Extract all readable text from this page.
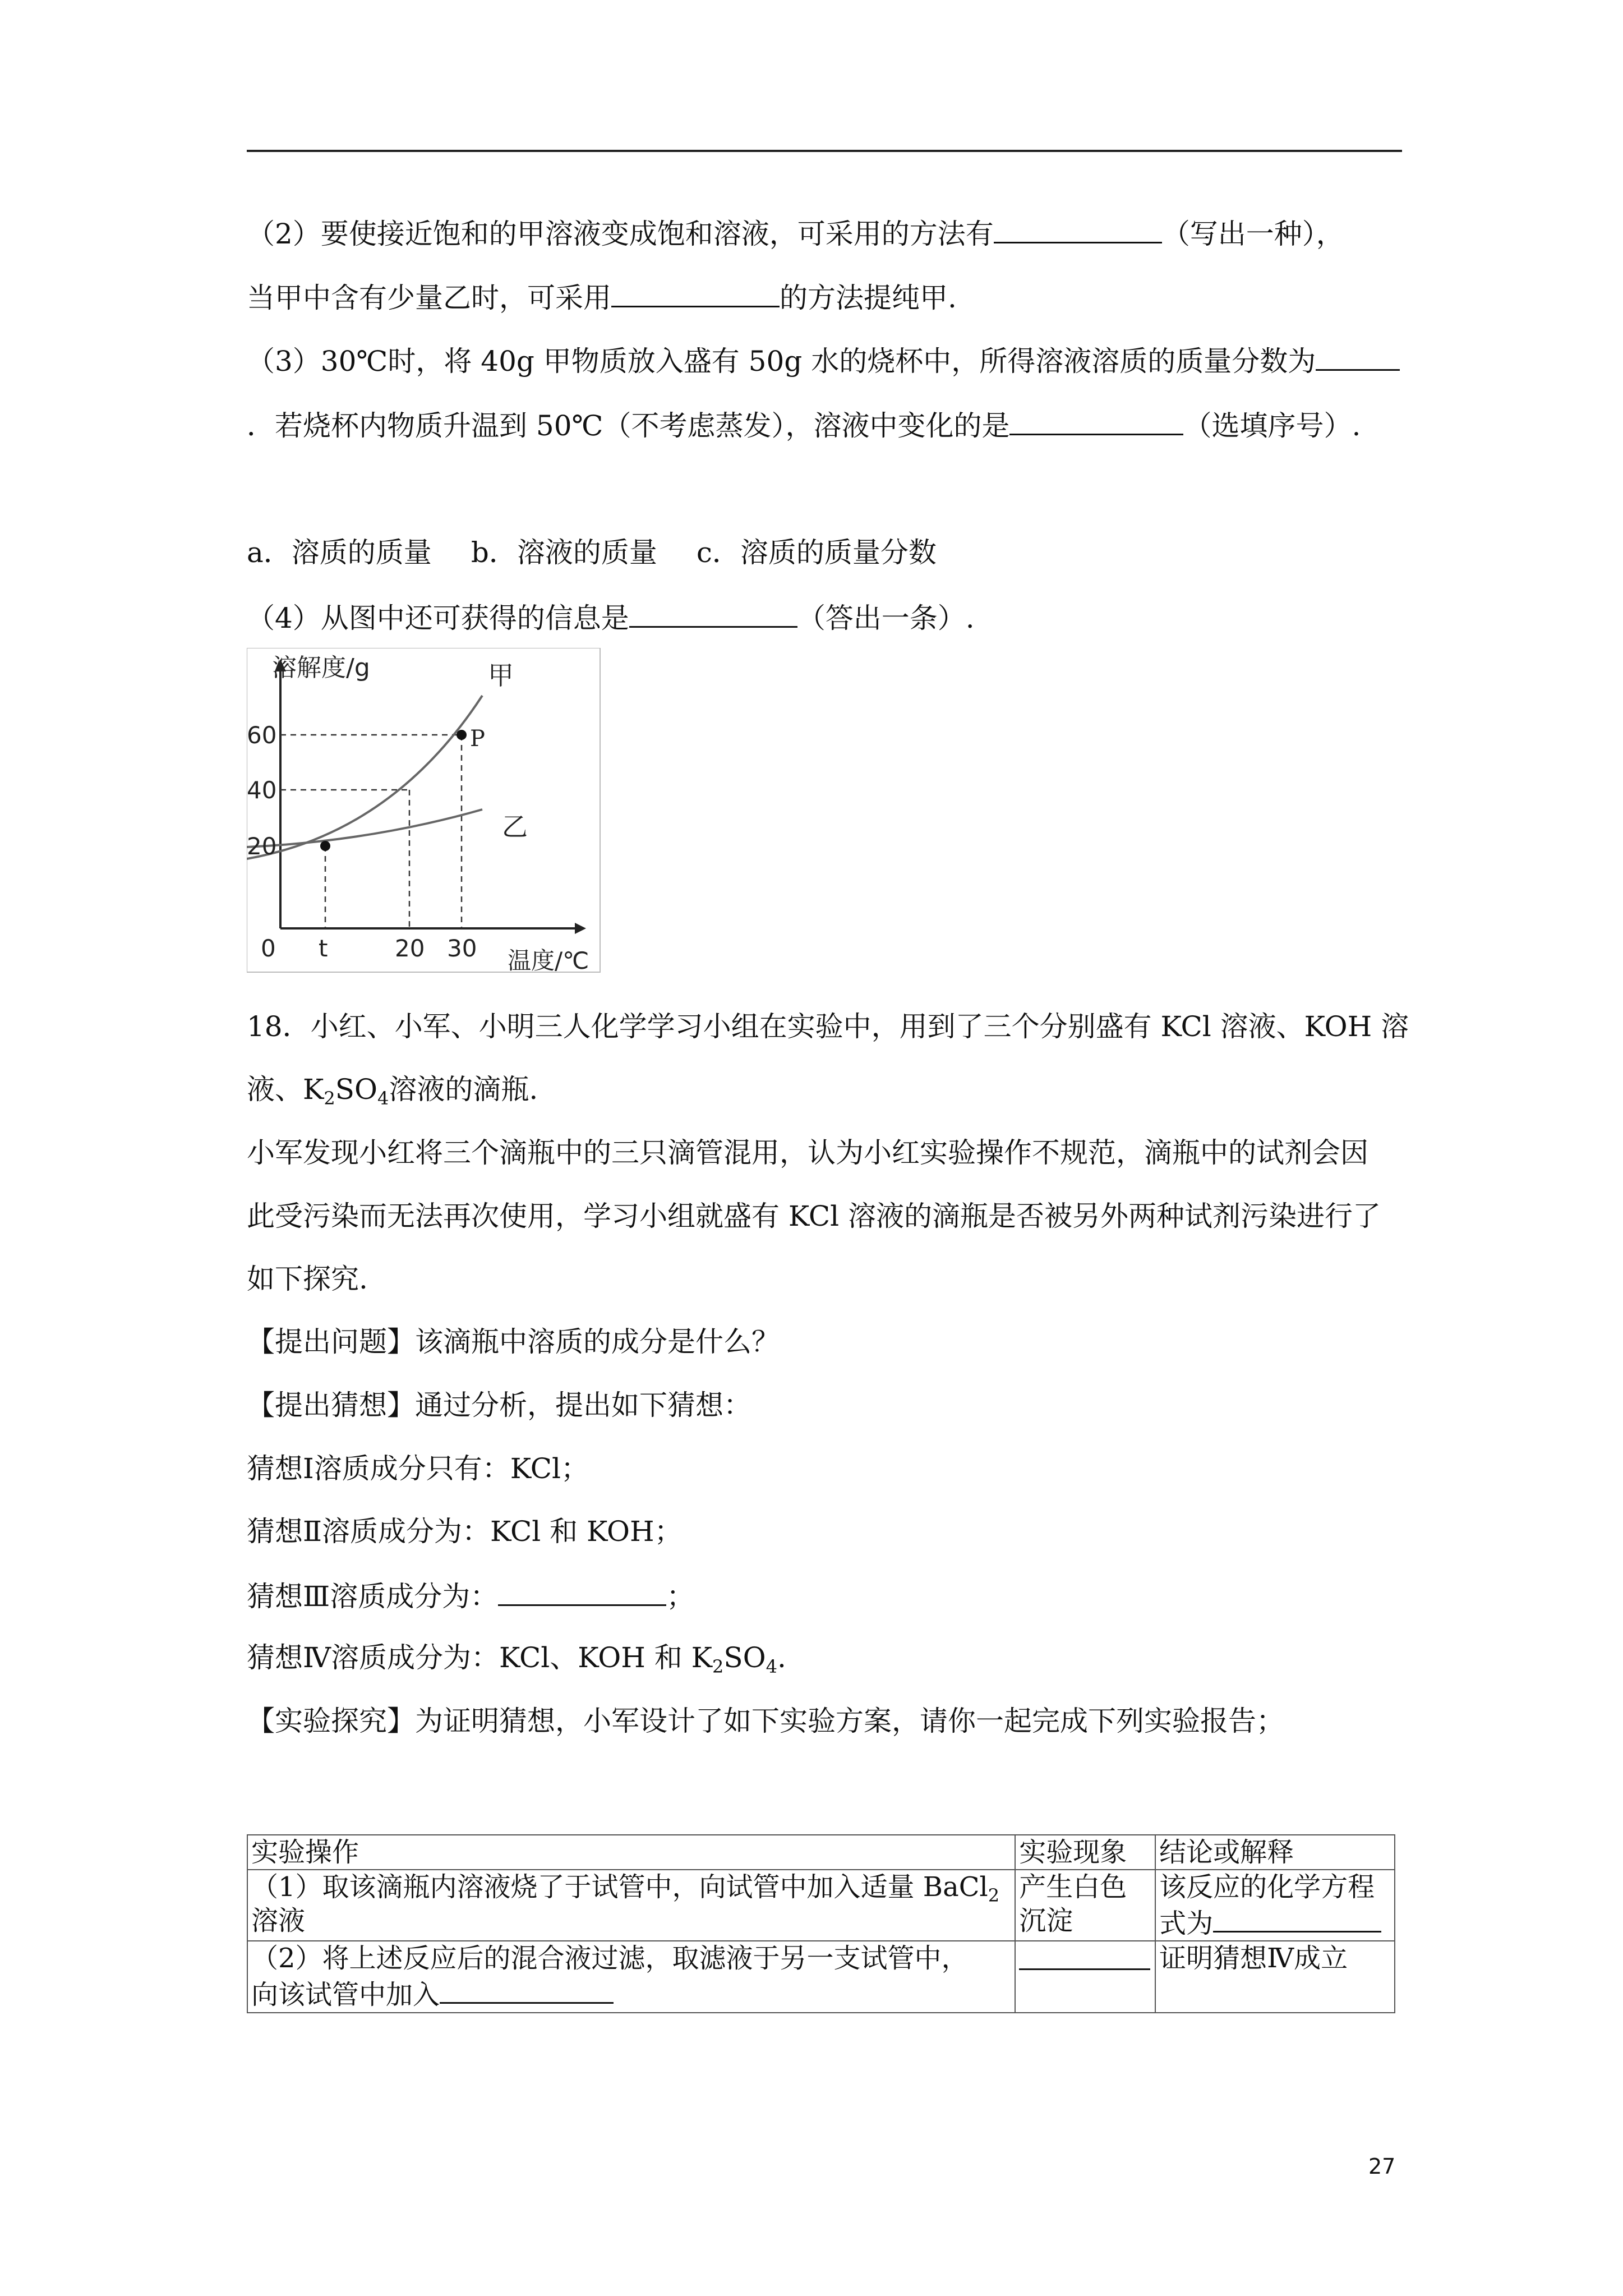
（2）要使接近饱和的甲溶液变成饱和溶液，可采用的方法有	（写出一种），
当甲中含有少量乙时，可采用	的方法提纯甲.
（3）30℃时，将 40g 甲物质放入盛有 50g 水的烧杯中，所得溶液溶质的质量分数为
．若烧杯内物质升温到 50℃（不考虑蒸发），溶液中变化的是	（选填序号）.
a．溶质的质量 b．溶液的质量 c．溶质的质量分数
（4）从图中还可获得的信息是	（答出一条）.
溶解度/g	甲
P
乙
60
40
20
0 t	20 30 温度/℃
18．小红、小军、小明三人化学学习小组在实验中，用到了三个分别盛有 KCl 溶液、KOH 溶
液、$K_2SO_4$溶液的滴瓶.
小军发现小红将三个滴瓶中的三只滴管混用，认为小红实验操作不规范，滴瓶中的试剂会因
此受污染而无法再次使用，学习小组就盛有 KCl 溶液的滴瓶是否被另外两种试剂污染进行了
如下探究.
【提出问题】该滴瓶中溶质的成分是什么？
【提出猜想】通过分析，提出如下猜想：
猜想Ⅰ溶质成分只有：KCl；
猜想Ⅱ溶质成分为：KCl 和 KOH；
猜想Ⅲ溶质成分为：	；
猜想Ⅳ溶质成分为：KCl、KOH 和 $K_2SO_4$.
【实验探究】为证明猜想，小军设计了如下实验方案，请你一起完成下列实验报告；
实验操作	实验现象	结论或解释
（1）取该滴瓶内溶液烧了于试管中，向试管中加入适量 BaCl$_2$
溶液	产生白色沉淀	该反应的化学方程式为
（2）将上述反应后的混合液过滤，取滤液于另一支试管中，
向该试管中加入		证明猜想Ⅳ成立
27
